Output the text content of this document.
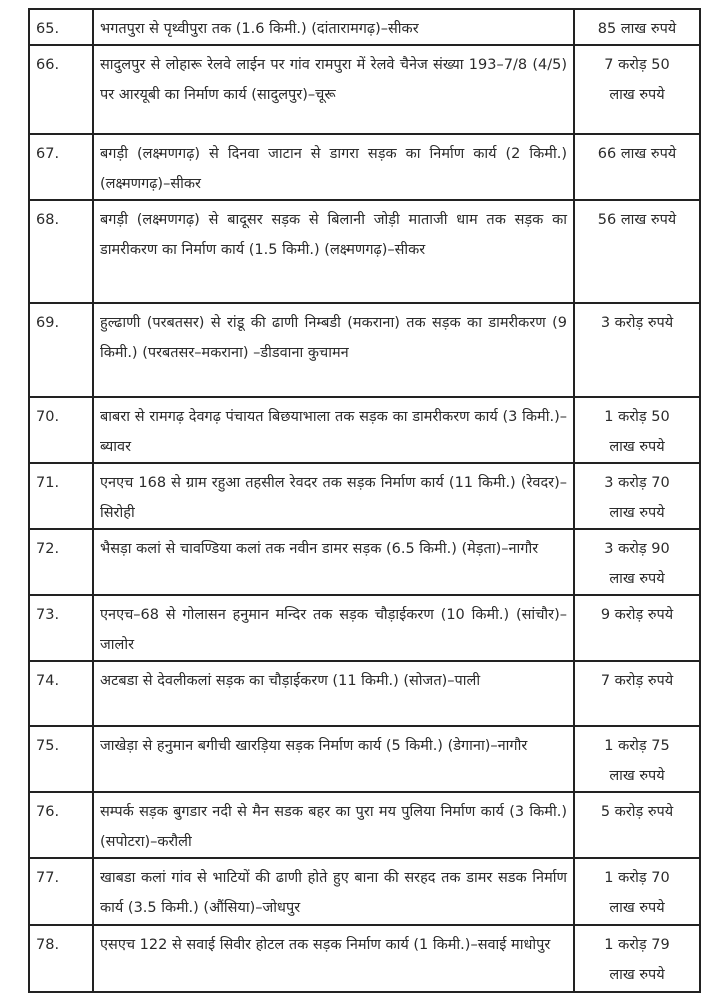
65.	भगतपुरा से पृथ्वीपुरा तक (1.6 किमी.) (दांतारामगढ़)–सीकर	85 लाख रुपये

66.	सादुलपुर से लोहारू रेलवे लाईन पर गांव रामपुरा में रेलवे चैनेज संख्या 193–7/8 (4/5) पर आरयूबी का निर्माण कार्य (सादुलपुर)–चूरू	7 करोड़ 50
लाख रुपये

67.	बगड़ी (लक्ष्मणगढ़) से दिनवा जाटान से डागरा सड़क का निर्माण कार्य (2 किमी.) (लक्ष्मणगढ़)–सीकर	66 लाख रुपये

68.	बगड़ी (लक्ष्मणगढ़) से बादूसर सड़क से बिलानी जोड़ी माताजी धाम तक सड़क का डामरीकरण का निर्माण कार्य (1.5 किमी.) (लक्ष्मणगढ़)–सीकर	56 लाख रुपये

69.	हुल्ढाणी (परबतसर) से रांडू की ढाणी निम्बडी (मकराना) तक सड़क का डामरीकरण (9 किमी.) (परबतसर–मकराना) –डीडवाना कुचामन	3 करोड़ रुपये

70.	बाबरा से रामगढ़ देवगढ़ पंचायत बिछयाभाला तक सड़क का डामरीकरण कार्य (3 किमी.)–ब्यावर	1 करोड़ 50
लाख रुपये

71.	एनएच 168 से ग्राम रहुआ तहसील रेवदर तक सड़क निर्माण कार्य (11 किमी.) (रेवदर)–सिरोही	3 करोड़ 70
लाख रुपये

72.	भैसड़ा कलां से चावण्डिया कलां तक नवीन डामर सड़क (6.5 किमी.) (मेड़ता)–नागौर	3 करोड़ 90
लाख रुपये

73.	एनएच–68 से गोलासन हनुमान मन्दिर तक सड़क चौड़ाईकरण (10 किमी.) (सांचौर)–जालोर	9 करोड़ रुपये

74.	अटबडा से देवलीकलां सड़क का चौड़ाईकरण (11 किमी.) (सोजत)–पाली	7 करोड़ रुपये

75.	जाखेड़ा से हनुमान बगीची खारड़िया सड़क निर्माण कार्य (5 किमी.) (डेगाना)–नागौर	1 करोड़ 75
लाख रुपये

76.	सम्पर्क सड़क बुगडार नदी से मैन सडक बहर का पुरा मय पुलिया निर्माण कार्य (3 किमी.) (सपोटरा)–करौली	5 करोड़ रुपये

77.	खाबडा कलां गांव से भाटियों की ढाणी होते हुए बाना की सरहद तक डामर सडक निर्माण कार्य (3.5 किमी.) (औंसिया)–जोधपुर	1 करोड़ 70
लाख रुपये

78.	एसएच 122 से सवाई सिवीर होटल तक सड़क निर्माण कार्य (1 किमी.)–सवाई माधोपुर	1 करोड़ 79
लाख रुपये
